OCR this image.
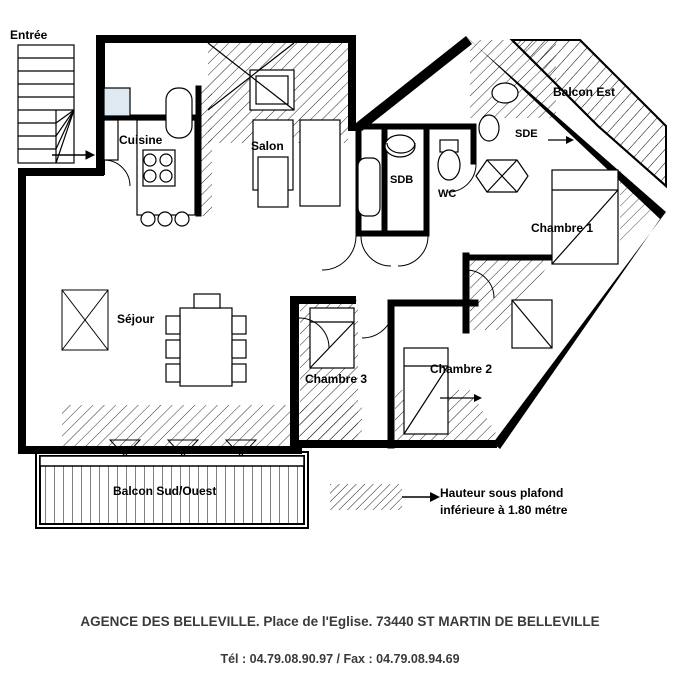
Entrée
Cuisine	Salon
SDB
WC
SDE
Balcon Est
Chambre 1
Chambre 2
Chambre 3
Séjour
Balcon Sud/Ouest	Hauteur sous plafond
inférieure à 1.80 métre
AGENCE DES BELLEVILLE. Place de l'Eglise. 73440 ST MARTIN DE BELLEVILLE
Tél : 04.79.08.90.97 / Fax : 04.79.08.94.69
